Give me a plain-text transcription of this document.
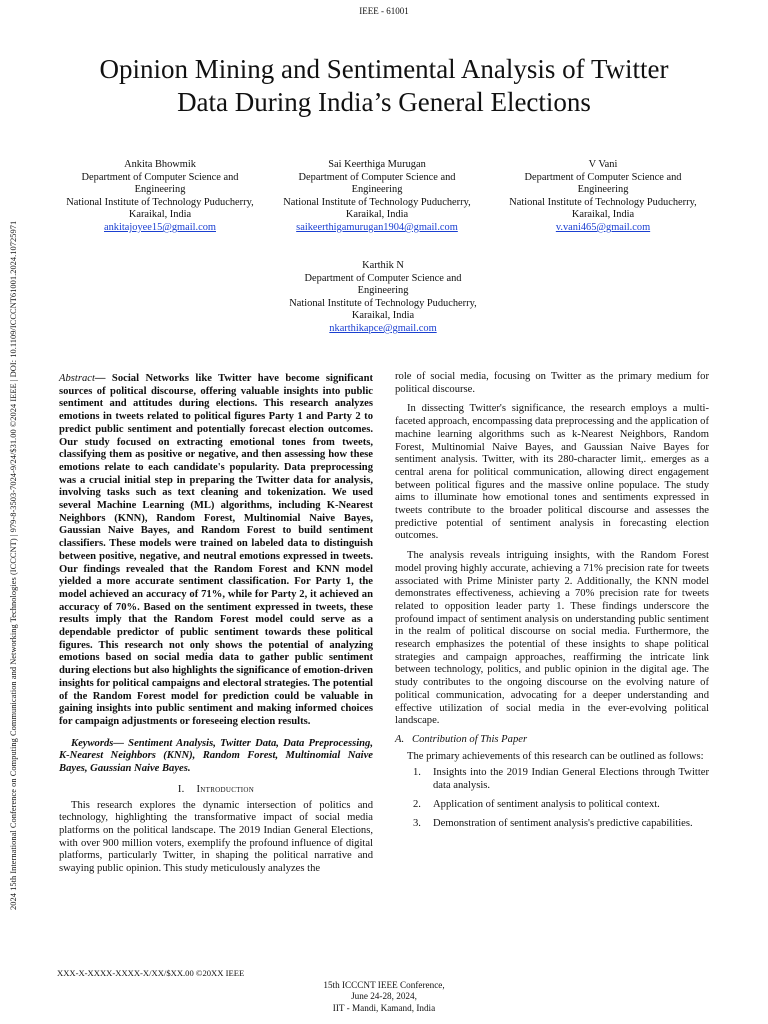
IEEE - 61001
2024 15th International Conference on Computing Communication and Networking Technologies (ICCCNT) | 979-8-3503-7024-9/24/$31.00 ©2024 IEEE | DOI: 10.1109/ICCCNT61001.2024.10725971
Opinion Mining and Sentimental Analysis of Twitter
Data During India’s General Elections
Ankita Bhowmik
Department of Computer Science and
Engineering
National Institute of Technology Puducherry,
Karaikal, India
ankitajoyee15@gmail.com
Sai Keerthiga Murugan
Department of Computer Science and
Engineering
National Institute of Technology Puducherry,
Karaikal, India
saikeerthigamurugan1904@gmail.com
V Vani
Department of Computer Science and
Engineering
National Institute of Technology Puducherry,
Karaikal, India
v.vani465@gmail.com
Karthik N
Department of Computer Science and
Engineering
National Institute of Technology Puducherry,
Karaikal, India
nkarthikapce@gmail.com

Abstract— Social Networks like Twitter have become significant sources of political discourse, offering valuable insights into public sentiment and attitudes during elections. This research analyzes emotions in tweets related to political figures Party 1 and Party 2 to predict public sentiment and potentially forecast election outcomes. Our study focused on extracting emotional tones from tweets, classifying them as positive or negative, and then assessing how these emotions relate to each candidate's popularity. Data preprocessing was a crucial initial step in preparing the Twitter data for analysis, involving tasks such as text cleaning and tokenization. We used several Machine Learning (ML) algorithms, including K-Nearest Neighbors (KNN), Random Forest, Multinomial Naive Bayes, Gaussian Naive Bayes, and Random Forest to build sentiment classifiers. These models were trained on labeled data to distinguish between positive, negative, and neutral emotions expressed in tweets. Our findings revealed that the Random Forest and KNN model yielded a more accurate sentiment classification. For Party 1, the model achieved an accuracy of 71%, while for Party 2, it achieved an accuracy of 70%. Based on the sentiment expressed in tweets, these results imply that the Random Forest model could serve as a dependable predictor of public sentiment towards these political figures. This research not only shows the potential of analyzing emotions based on social media data to gather public sentiment during elections but also highlights the significance of emotion-driven insights for political campaigns and electoral strategies. The potential of the Random Forest model for prediction could be valuable in gaining insights into public sentiment and making informed choices for campaign adjustments or foreseeing election results.

Keywords— Sentiment Analysis, Twitter Data, Data Preprocessing, K-Nearest Neighbors (KNN), Random Forest, Multinomial Naive Bayes, Gaussian Naive Bayes.

I. Introduction

This research explores the dynamic intersection of politics and technology, highlighting the transformative impact of social media platforms on the political landscape. The 2019 Indian General Elections, with over 900 million voters, exemplify the profound influence of digital platforms, particularly Twitter, in shaping the political narrative and swaying public opinion. This study meticulously analyzes the

role of social media, focusing on Twitter as the primary medium for political discourse.

In dissecting Twitter's significance, the research employs a multi-faceted approach, encompassing data preprocessing and the application of machine learning algorithms such as k-Nearest Neighbors, Random Forest, Multinomial Naive Bayes, and Gaussian Naive Bayes for sentiment analysis. Twitter, with its 280-character limit,. emerges as a central arena for political communication, allowing direct engagement between political figures and the massive online populace. The study aims to illuminate how emotional tones and sentiments expressed in tweets contribute to the broader political discourse and assesses the predictive potential of sentiment analysis in forecasting election outcomes.

The analysis reveals intriguing insights, with the Random Forest model proving highly accurate, achieving a 71% precision rate for tweets associated with Prime Minister party 2. Additionally, the KNN model demonstrates effectiveness, achieving a 70% precision rate for tweets related to opposition leader party 1. These findings underscore the profound impact of sentiment analysis on understanding public sentiment in the realm of political discourse on social media. Furthermore, the research emphasizes the potential of these insights to shape political strategies and campaign approaches, reaffirming the intricate link between technology, politics, and public opinion in the digital age. The study contributes to the ongoing discourse on the evolving nature of political communication, advocating for a deeper understanding and effective utilization of social media in the ever-evolving political landscape.

A. Contribution of This Paper

The primary achievements of this research can be outlined as follows:

1. Insights into the 2019 Indian General Elections through Twitter data analysis.
2. Application of sentiment analysis to political context.
3. Demonstration of sentiment analysis's predictive capabilities.
XXX-X-XXXX-XXXX-X/XX/$XX.00 ©20XX IEEE
15th ICCCNT IEEE Conference,
June 24-28, 2024,
IIT - Mandi, Kamand, India
